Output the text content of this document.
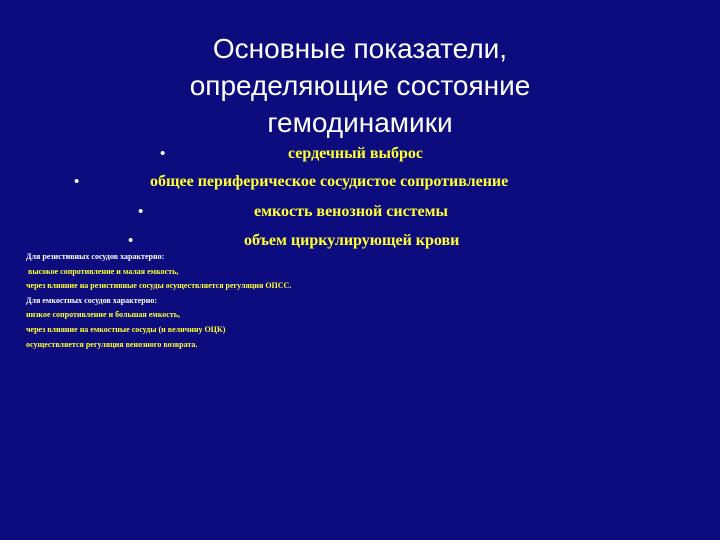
Основные показатели,
определяющие состояние
гемодинамики
•	сердечный выброс
•	общее периферическое сосудистое сопротивление
•	емкость венозной системы
•	объем циркулирующей крови
Для резистивных сосудов характерно:
высокое сопротивление и малая емкость,
через влияние на резистивные сосуды осуществляется регуляция ОПСС.
Для емкостных сосудов характерно:
низкое сопротивление и большая емкость,
через влияние на емкостные сосуды (и величину ОЦК)
осуществляется регуляция венозного возврата.
